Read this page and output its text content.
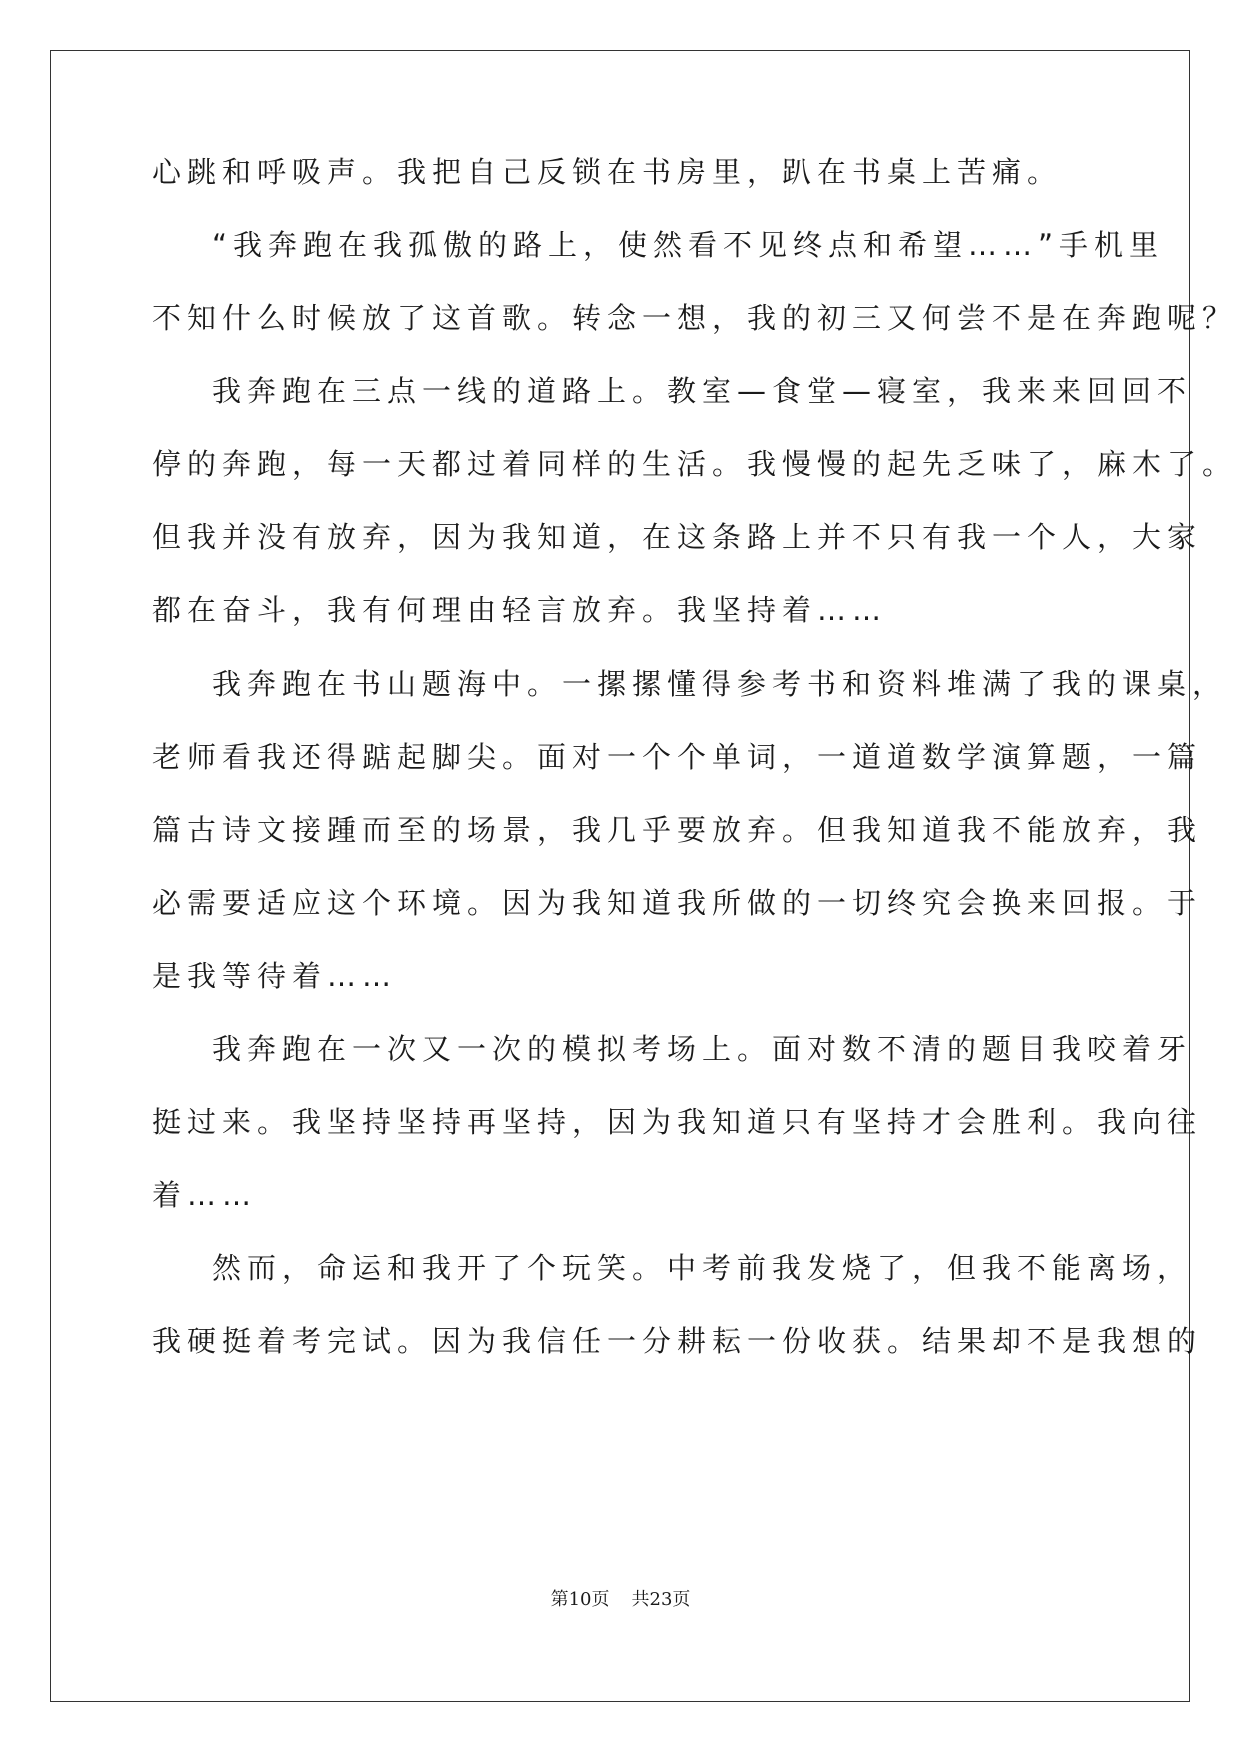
心跳和呼吸声。我把自己反锁在书房里，趴在书桌上苦痛。
“我奔跑在我孤傲的路上，使然看不见终点和希望……”手机里
不知什么时候放了这首歌。转念一想，我的初三又何尝不是在奔跑呢？
我奔跑在三点一线的道路上。教室—食堂—寝室，我来来回回不
停的奔跑，每一天都过着同样的生活。我慢慢的起先乏味了，麻木了。
但我并没有放弃，因为我知道，在这条路上并不只有我一个人，大家
都在奋斗，我有何理由轻言放弃。我坚持着……
我奔跑在书山题海中。一摞摞懂得参考书和资料堆满了我的课桌，
老师看我还得踮起脚尖。面对一个个单词，一道道数学演算题，一篇
篇古诗文接踵而至的场景，我几乎要放弃。但我知道我不能放弃，我
必需要适应这个环境。因为我知道我所做的一切终究会换来回报。于
是我等待着……
我奔跑在一次又一次的模拟考场上。面对数不清的题目我咬着牙
挺过来。我坚持坚持再坚持，因为我知道只有坚持才会胜利。我向往
着……
然而，命运和我开了个玩笑。中考前我发烧了，但我不能离场，
我硬挺着考完试。因为我信任一分耕耘一份收获。结果却不是我想的
第10页 共23页
